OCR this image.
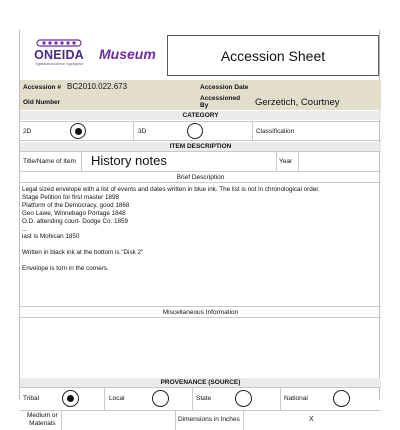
ONEIDA
Ngasisatuhnahhse ingahgana
Museum	Accession Sheet
Accession # BC2010.022.673	Accession Date
Old Number
Accessioned
By	Gerzetich, Courtney
CATEGORY
2D	3D	Classification
ITEM DESCRIPTION
Title/Name of Item History notes	Year
Brief Description
Legal sized envelope with a list of events and dates written in blue ink. The list is not in chronological order.
Stage Petition for first master 1898
Platform of the Democracy, good 1868
Geo Lawe, Winnebago Portage 1848
O.D. attending court- Dodge Co. 1859
...
last is Mohican 1850
Written in black ink at the bottom is "Disk 2"
Envelope is torn in the corners.
Miscellaneous Information
PROVENANCE (SOURCE)
Tribal	Local	State	National
Medium or
Materials	Dimensions in Inches	X
